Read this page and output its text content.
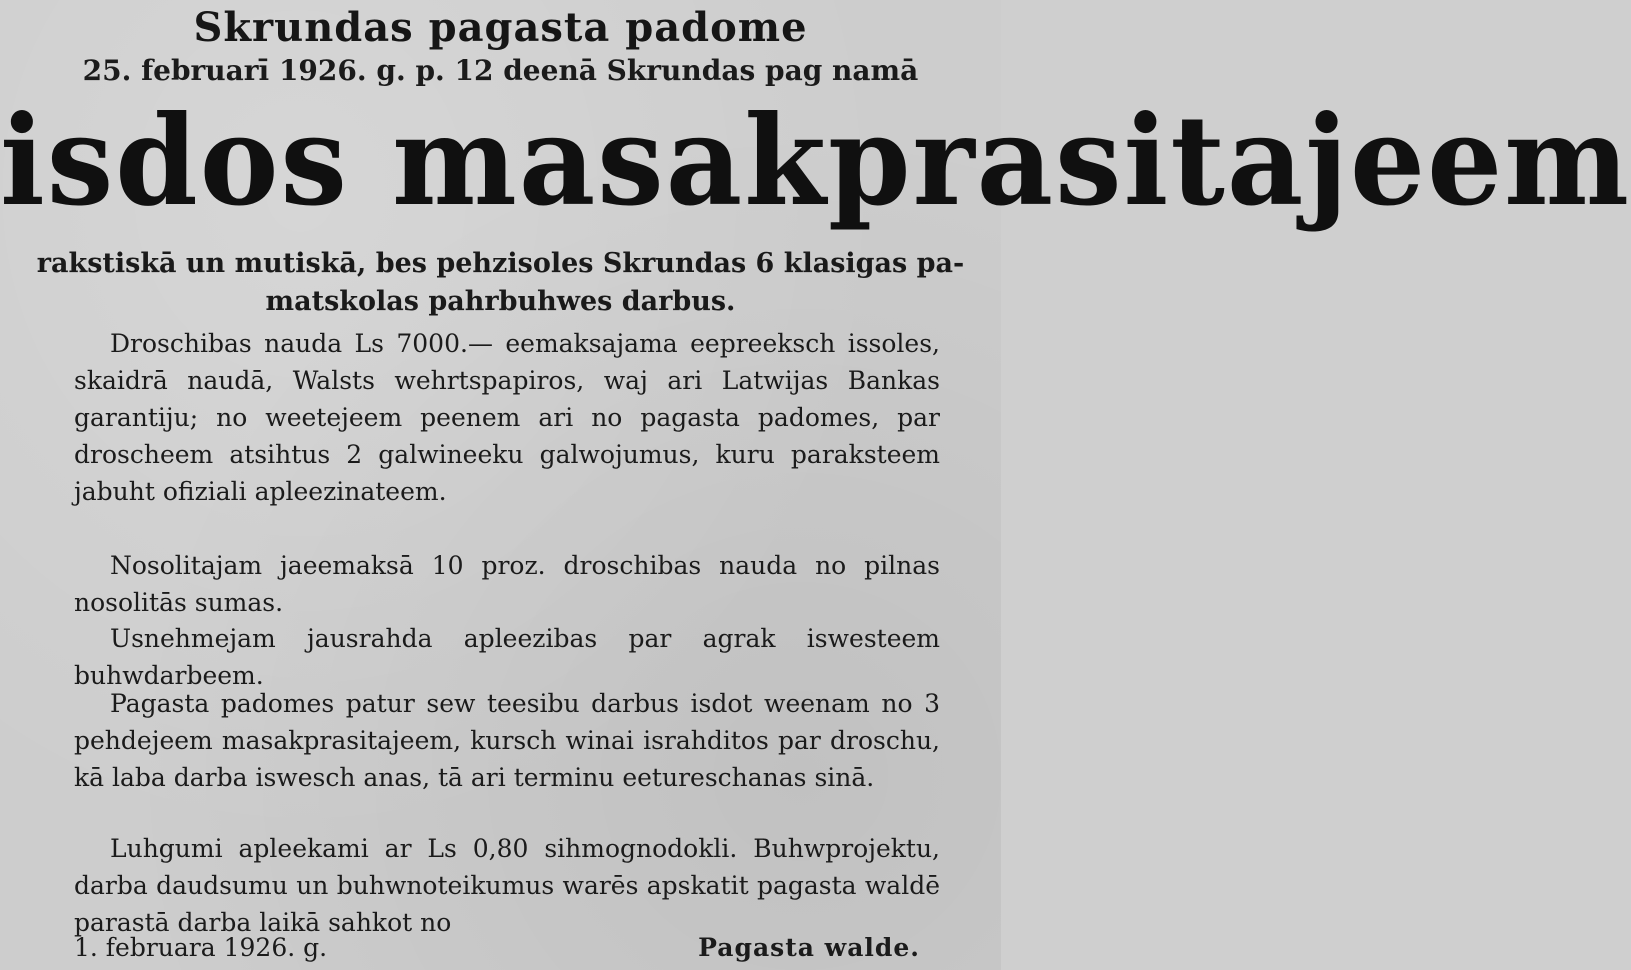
Skrundas pagasta padome
25. februarī 1926. g. p. 12 deenā Skrundas pag namā
isdos masakprasitajeem
rakstiskā un mutiskā, bes pehzisoles Skrundas 6 klasigas pa-
matskolas pahrbuhwes darbus.

Droschibas nauda Ls 7000.— eemaksajama eepreeksch issoles, skaidrā naudā, Walsts wehrtspapiros, waj ari Latwijas Bankas garantiju; no weetejeem peenem ari no pagasta padomes, par droscheem atsihtus 2 galwineeku galwojumus, kuru paraksteem jabuht ofiziali apleezinateem.

Nosolitajam jaeemaksā 10 proz. droschibas nauda no pilnas nosolitās sumas.

Usnehmejam jausrahda apleezibas par agrak iswesteem buhwdarbeem.

Pagasta padomes patur sew teesibu darbus isdot weenam no 3 pehdejeem masakprasitajeem, kursch winai israhditos par droschu, kā laba darba iswesch anas, tā ari terminu eetureschanas sinā.

Luhgumi apleekami ar Ls 0,80 sihmognodokli. Buhwprojektu, darba daudsumu un buhwnoteikumus warēs apskatit pagasta waldē parastā darba laikā sahkot no

1. februara 1926. g.	Pagasta walde.
